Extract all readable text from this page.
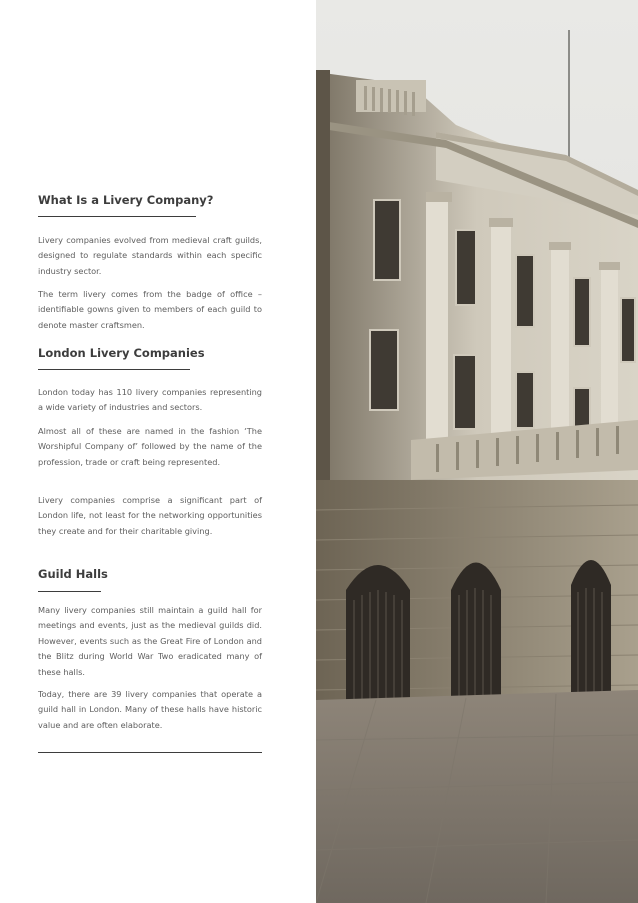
What Is a Livery Company?

Livery companies evolved from medieval craft guilds, designed to regulate standards within each specific industry sector.

The term livery comes from the badge of office – identifiable gowns given to members of each guild to denote master craftsmen.

London Livery Companies

London today has 110 livery companies representing a wide variety of industries and sectors.

Almost all of these are named in the fashion ‘The Worshipful Company of’ followed by the name of the profession, trade or craft being represented.

Livery companies comprise a significant part of London life, not least for the networking opportunities they create and for their charitable giving.

Guild Halls

Many livery companies still maintain a guild hall for meetings and events, just as the medieval guilds did. However, events such as the Great Fire of London and the Blitz during World War Two eradicated many of these halls.

Today, there are 39 livery companies that operate a guild hall in London. Many of these halls have historic value and are often elaborate.
